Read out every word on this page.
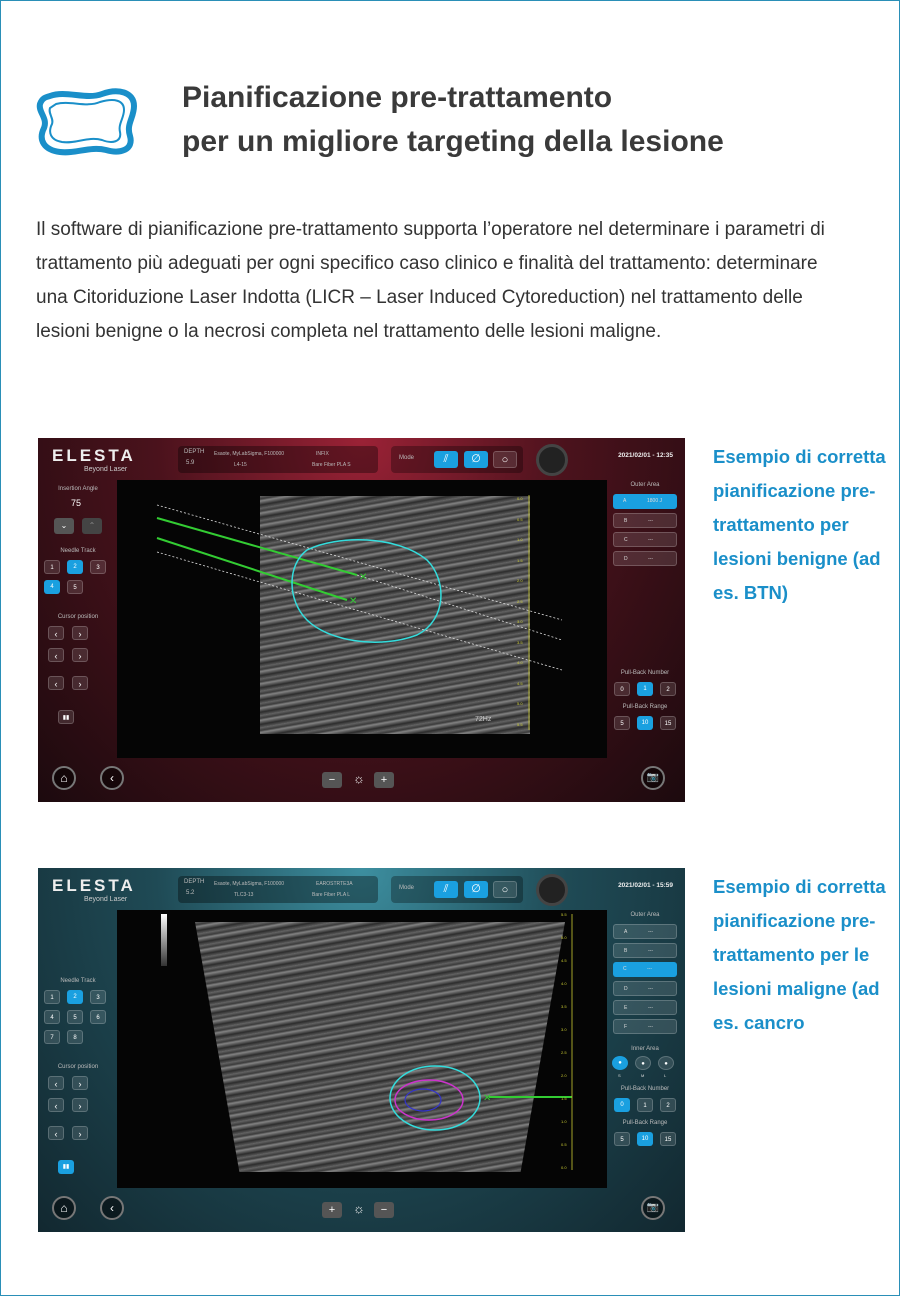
Pianificazione pre-trattamento
per un migliore targeting della lesione

Il software di pianificazione pre-trattamento supporta l’operatore nel determinare i parametri di trattamento più adeguati per ogni specifico caso clinico e finalità del trattamento: determinare una Citoriduzione Laser Indotta (LICR – Laser Induced Cytoreduction) nel trattamento delle lesioni benigne o la necrosi completa nel trattamento delle lesioni maligne.

Esempio di corretta pianificazione pre-trattamento per lesioni benigne (ad es. BTN)
Esempio di corretta pianificazione pre-trattamento per le lesioni maligne (ad es. cancro
ELESTA
Beyond Laser
DEPTH
5.9
Esaote, MyLabSigma, F100000
L4-15
INFIX
Bare Fiber PLA S
Mode	⫽	∅	○	2021/02/01 - 12:35
✕
✕
72Hz
0.0
0.5
1.0
1.5
2.0
2.5
3.0
3.5
4.0
4.5
5.0
5.5
Insertion Angle
75
⌄	⌃
Needle Track
1	2	3
4	5
Cursor position
‹	›
‹	›
‹	›
▮▮
Outer Area
A	1800 J
B	---
C	---
D	---
Pull-Back Number
0	1	2
Pull-Back Range
5	10	15
⌂	‹	−	☼	+	📷
ELESTA
Beyond Laser
DEPTH
5.2
Esaote, MyLabSigma, F100000
TLC3-13
EAROSTRTE3A
Bare Fiber PLA L
Mode	⫽	∅	○	2021/02/01 - 15:59
✕
5.5
5.0
4.5
4.0
3.5
3.0
2.5
2.0
1.5
1.0
0.5
0.0
Needle Track
1	2	3
4	5	6
7	8
Cursor position
‹	›
‹	›
‹	›
▮▮
Outer Area
A	---
B	---
C	---
D	---
E	---
F	---
Inner Area
●
S
●
M
●
L
Pull-Back Number
0	1	2
Pull-Back Range
5	10	15
⌂	‹	+	☼	−	📷
